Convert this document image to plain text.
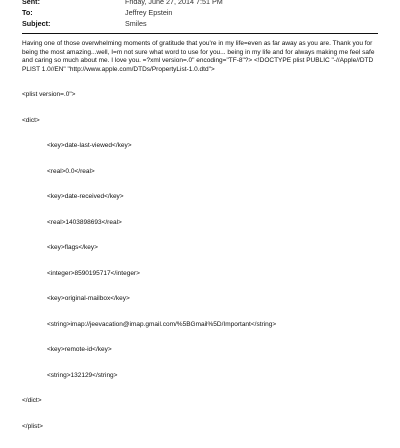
Sent:	Friday, June 27, 2014 7:51 PM
To:	Jeffrey Epstein
Subject:	Smiles
Having one of those overwhelming moments of gratitude that you're in my life=even as far away as you are. Thank you for being the most amazing...well, I=m not sure what word to use for you... being in my life and for always making me feel safe and caring so much about me. I love you. =?xml version=.0" encoding="TF-8"?> <!DOCTYPE plist PUBLIC "-//Apple//DTD PLIST 1.0//EN" "http://www.apple.com/DTDs/PropertyList-1.0.dtd">

<plist version=.0">

<dict>

<key>date-last-viewed</key>

<real>0.0</real>

<key>date-received</key>

<real>1403898693</real>

<key>flags</key>

<integer>8590195717</integer>

<key>original-mailbox</key>

<string>imap://jeevacation@imap.gmail.com/%5BGmail%5D/Important</string>

<key>remote-id</key>

<string>132129</string>

</dict>

</plist>
